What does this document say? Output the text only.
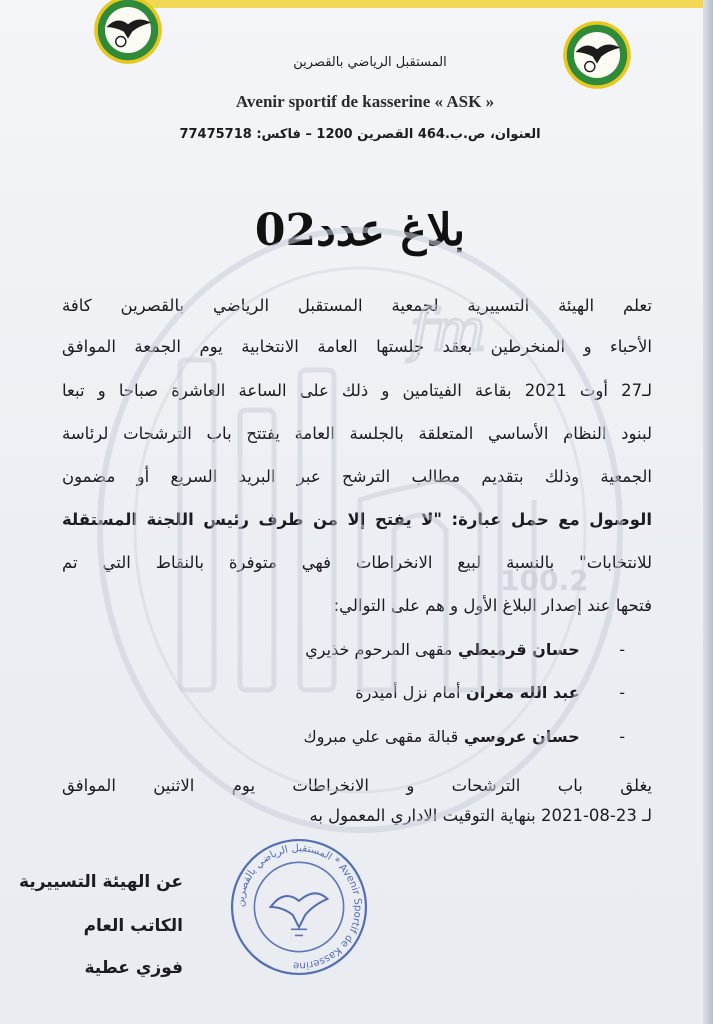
المستقبل الرياضي بالقصرين
Avenir sportif de kasserine « ASK »
العنوان، ص.ب.464 القصرين 1200 – فاكس: 77475718
بلاغ عدد02
تعلم الهيئة التسييرية لجمعية المستقبل الرياضي بالقصرين كافة
الأحباء و المنخرطين بعقد جلستها العامة الانتخابية يوم الجمعة الموافق
لـ27 أوت 2021 بقاعة الفيتامين و ذلك على الساعة العاشرة صباحا و تبعا
لبنود النظام الأساسي المتعلقة بالجلسة العامة يفتتح باب الترشحات لرئاسة
الجمعية وذلك بتقديم مطالب الترشح عبر البريد السريع أو مضمون
الوصول مع حمل عبارة: "لا يفتح إلا من طرف رئيس اللجنة المستقلة
للانتخابات" بالنسبة لبيع الانخراطات فهي متوفرة بالنقاط التي تم
فتحها عند إصدار البلاغ الأول و هم على التوالي:
- حسان قرميطي مقهى المرحوم خذيري
- عبد الله مغران أمام نزل أميدرة
- حسان عروسي قبالة مقهى علي مبروك
يغلق باب الترشحات و الانخراطات يوم الاثنين الموافق
لـ 23-08-2021 بنهاية التوقيت الاداري المعمول به
عن الهيئة التسييرية
الكاتب العام
فوزي عطية
المستقبل الرياضي بالقصرين * Avenir Sportif de Kasserine
fm
100.2
